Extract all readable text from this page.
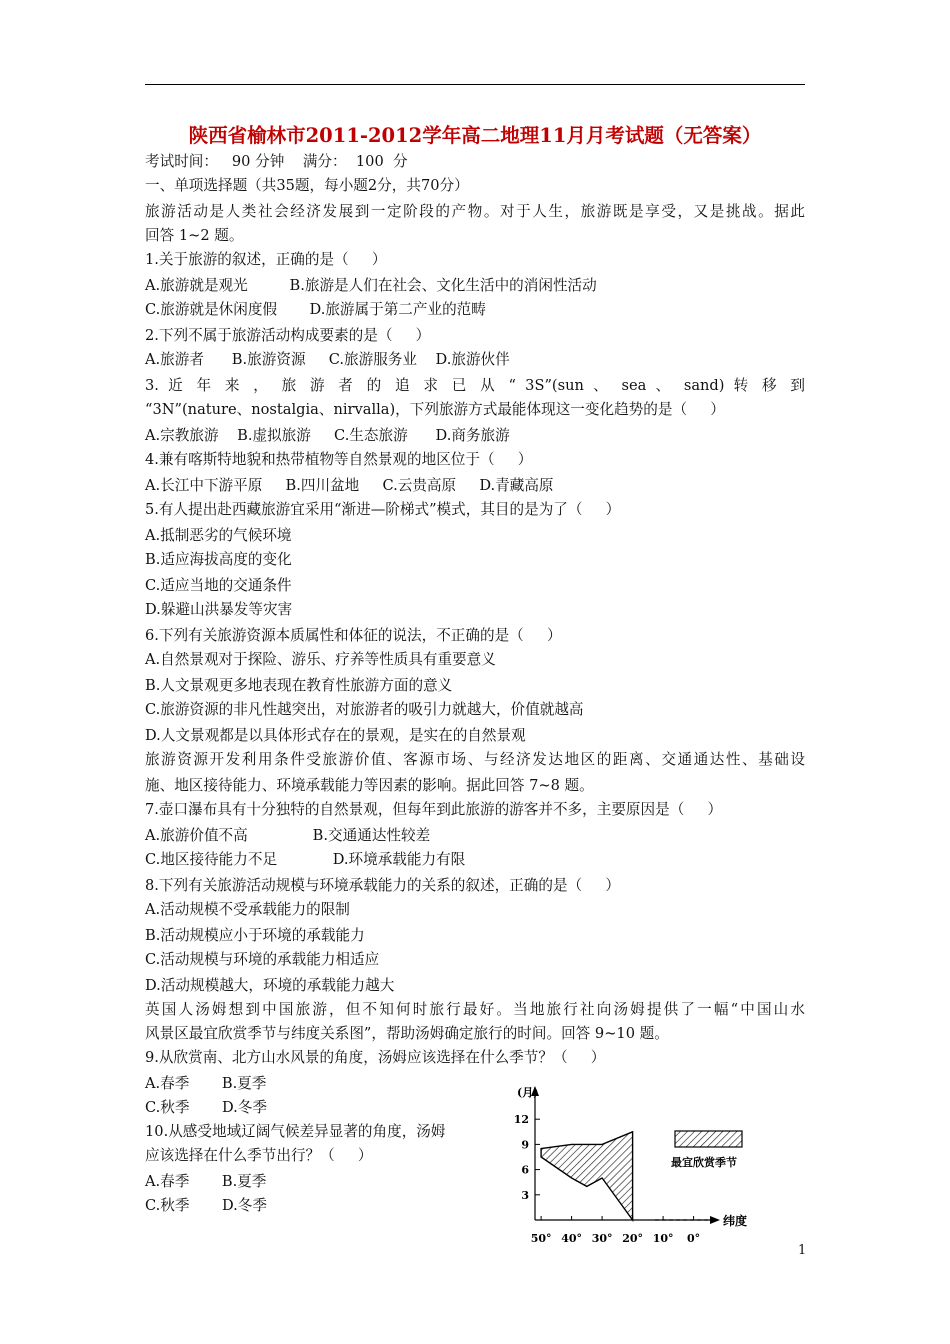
陕西省榆林市2011-2012学年高二地理11月月考试题（无答案）
考试时间：   90 分钟    满分：  100  分
一、单项选择题（共35题，每小题2分，共70分）
旅游活动是人类社会经济发展到一定阶段的产物。对于人生，旅游既是享受，又是挑战。据此
回答 1~2 题。
1.关于旅游的叙述，正确的是（     ）
A.旅游就是观光         B.旅游是人们在社会、文化生活中的消闲性活动
C.旅游就是休闲度假       D.旅游属于第二产业的范畴
2.下列不属于旅游活动构成要素的是（     ）
A.旅游者      B.旅游资源     C.旅游服务业    D.旅游伙伴
3. 近 年 来 ， 旅 游 者 的 追 求 已 从 “ 3S”(sun 、 sea 、 sand) 转 移 到
“3N”(nature、nostalgia、nirvalla)，下列旅游方式最能体现这一变化趋势的是（     ）
A.宗教旅游    B.虚拟旅游     C.生态旅游      D.商务旅游
4.兼有喀斯特地貌和热带植物等自然景观的地区位于（     ）
A.长江中下游平原     B.四川盆地     C.云贵高原     D.青藏高原
5.有人提出赴西藏旅游宜采用“渐进—阶梯式”模式，其目的是为了（     ）
A.抵制恶劣的气候环境
B.适应海拔高度的变化
C.适应当地的交通条件
D.躲避山洪暴发等灾害
6.下列有关旅游资源本质属性和体征的说法，不正确的是（     ）
A.自然景观对于探险、游乐、疗养等性质具有重要意义
B.人文景观更多地表现在教育性旅游方面的意义
C.旅游资源的非凡性越突出，对旅游者的吸引力就越大，价值就越高
D.人文景观都是以具体形式存在的景观，是实在的自然景观
旅游资源开发利用条件受旅游价值、客源市场、与经济发达地区的距离、交通通达性、基础设
施、地区接待能力、环境承载能力等因素的影响。据此回答 7~8 题。
7.壶口瀑布具有十分独特的自然景观，但每年到此旅游的游客并不多，主要原因是（     ）
A.旅游价值不高              B.交通通达性较差
C.地区接待能力不足            D.环境承载能力有限
8.下列有关旅游活动规模与环境承载能力的关系的叙述，正确的是（     ）
A.活动规模不受承载能力的限制
B.活动规模应小于环境的承载能力
C.活动规模与环境的承载能力相适应
D.活动规模越大，环境的承载能力越大
英国人汤姆想到中国旅游，但不知何时旅行最好。当地旅行社向汤姆提供了一幅“中国山水
风景区最宜欣赏季节与纬度关系图”，帮助汤姆确定旅行的时间。回答 9~10 题。
9.从欣赏南、北方山水风景的角度，汤姆应该选择在什么季节？（     ）
A.春季       B.夏季
C.秋季       D.冬季
10.从感受地域辽阔气候差异显著的角度，汤姆
应该选择在什么季节出行？（     ）
A.春季       B.夏季
C.秋季       D.冬季
纬度
(月)
3
6
9
12
50° 40° 30° 20° 10° 0°
最宜欣赏季节
1
